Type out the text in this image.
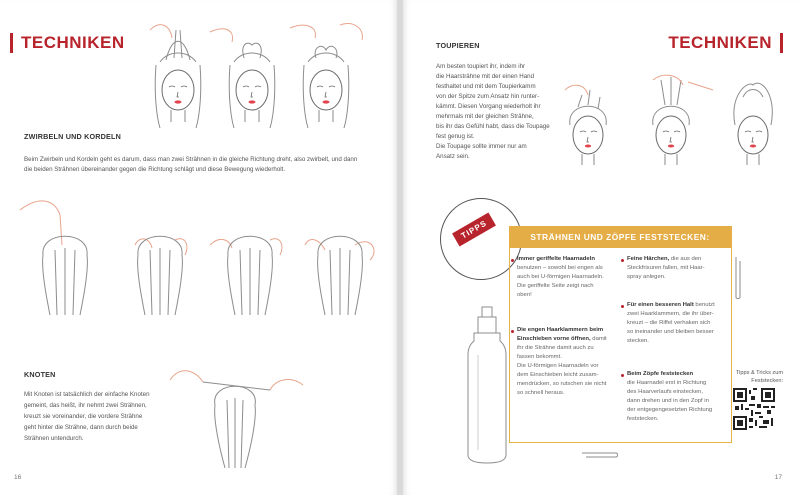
TECHNIKEN
ZWIRBELN UND KORDELN
Beim Zwirbeln und Kordeln geht es darum, dass man zwei Strähnen in die gleiche Richtung dreht, also zwirbelt, und dann
die beiden Strähnen übereinander gegen die Richtung schlägt und diese Bewegung wiederholt.
KNOTEN
Mit Knoten ist tatsächlich der einfache Knoten
gemeint, das heißt, ihr nehmt zwei Strähnen,
kreuzt sie voreinander, die vordere Strähne
geht hinter die Strähne, dann durch beide
Strähnen untendurch.
16
TECHNIKEN
TOUPIEREN
Am besten toupiert ihr, indem ihr
die Haarsträhne mit der einen Hand
festhaltet und mit dem Toupierkamm
von der Spitze zum Ansatz hin runter-
kämmt. Diesen Vorgang wiederholt ihr
mehrmals mit der gleichen Strähne,
bis ihr das Gefühl habt, dass die Toupage
fest genug ist.
Die Toupage sollte immer nur am
Ansatz sein.
17
TIPPS	STRÄHNEN UND ZÖPFE FESTSTECKEN:
Immer geriffelte Haarnadeln
benutzen – sowohl bei engen als
auch bei U-förmigen Haarnadeln.
Die geriffelte Seite zeigt nach
oben!
Die engen Haarklammern beim
Einschieben vorne öffnen, damit
ihr die Strähne damit auch zu
fassen bekommt.
Die U-förmigen Haarnadeln vor
dem Einschieben leicht zusam-
mendrücken, so rutschen sie nicht
so schnell heraus.
Feine Härchen, die aus den
Steckfrisuren fallen, mit Haar-
spray anlegen.
Für einen besseren Halt benutzt
zwei Haarklammern, die ihr über-
kreuzt – die Riffel verhaken sich
so ineinander und bleiben besser
stecken.
Beim Zöpfe feststecken
die Haarnadel erst in Richtung
des Haarverlaufs einstecken,
dann drehen und in den Zopf in
der entgegengesetzten Richtung
feststecken.
Tipps & Tricks zum Feststecken:
